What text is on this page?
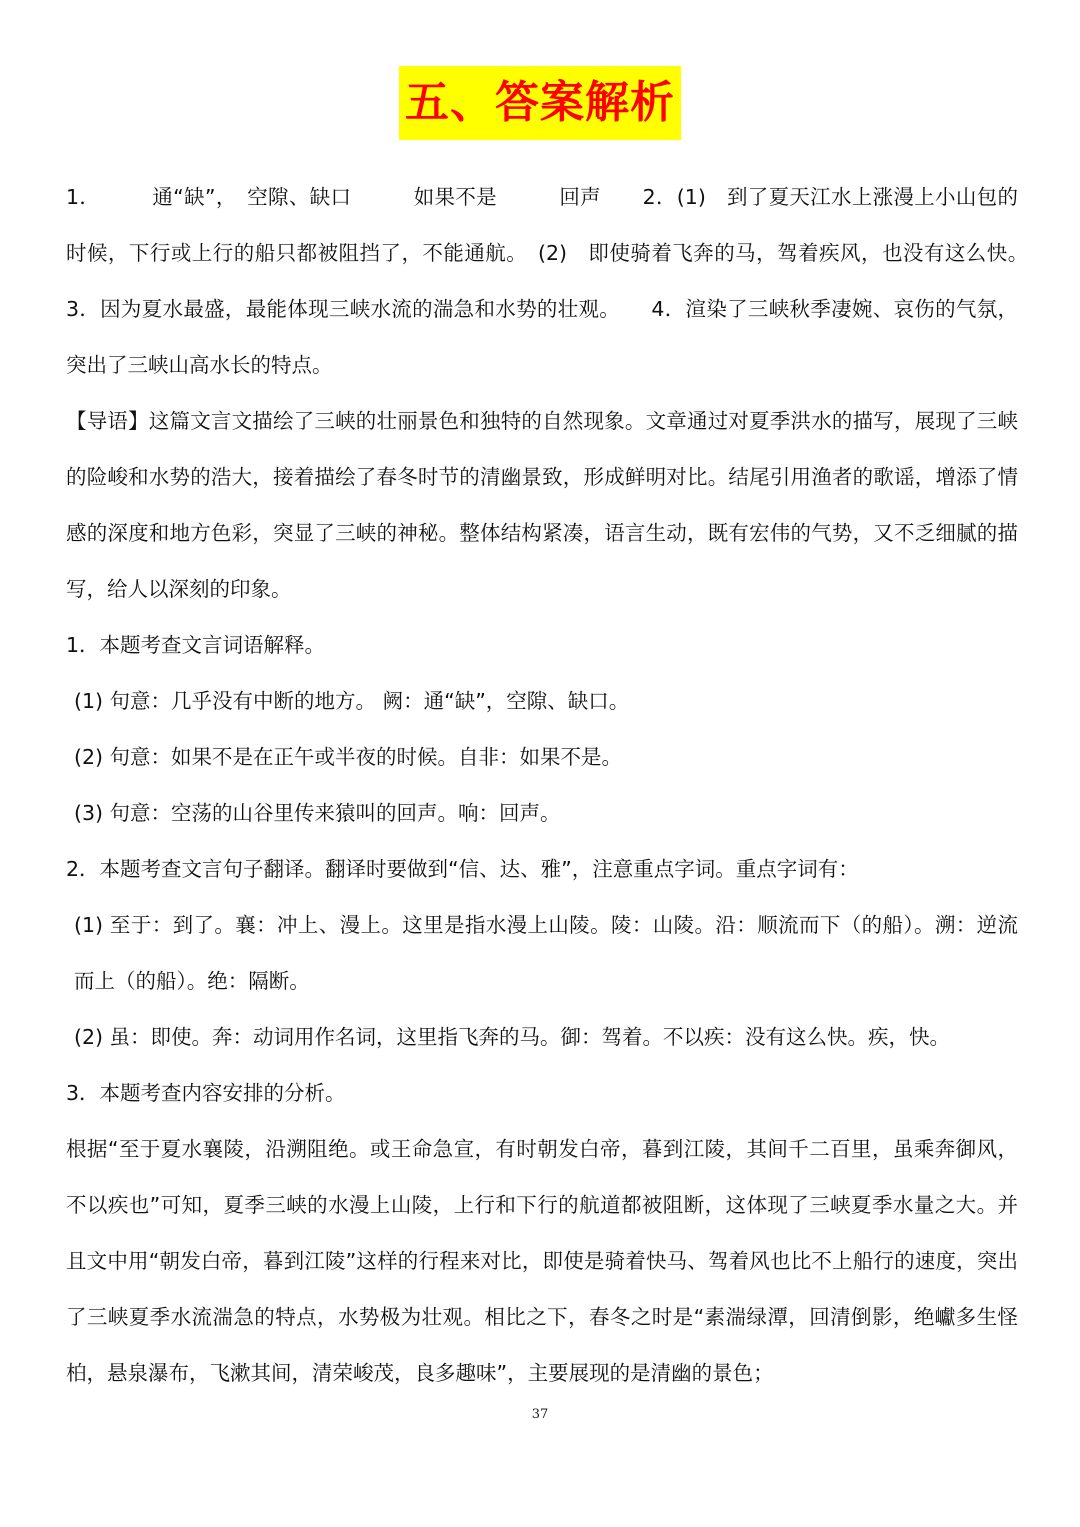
五、答案解析

1．　　　通“缺”，　空隙、缺口　　　如果不是　　　回声　　2．(1)　到了夏天江水上涨漫上小山包的时候，下行或上行的船只都被阻挡了，不能通航。　(2)　即使骑着飞奔的马，驾着疾风，也没有这么快。　　3．因为夏水最盛，最能体现三峡水流的湍急和水势的壮观。　　4．渲染了三峡秋季凄婉、哀伤的气氛，突出了三峡山高水长的特点。

【导语】这篇文言文描绘了三峡的壮丽景色和独特的自然现象。文章通过对夏季洪水的描写，展现了三峡的险峻和水势的浩大，接着描绘了春冬时节的清幽景致，形成鲜明对比。结尾引用渔者的歌谣，增添了情感的深度和地方色彩，突显了三峡的神秘。整体结构紧凑，语言生动，既有宏伟的气势，又不乏细腻的描写，给人以深刻的印象。

1．本题考查文言词语解释。

(1) 句意：几乎没有中断的地方。 阙：通“缺”，空隙、缺口。

(2) 句意：如果不是在正午或半夜的时候。自非：如果不是。

(3) 句意：空荡的山谷里传来猿叫的回声。响：回声。

2．本题考查文言句子翻译。翻译时要做到“信、达、雅”，注意重点字词。重点字词有：

(1) 至于：到了。襄：冲上、漫上。这里是指水漫上山陵。陵：山陵。沿：顺流而下（的船）。溯：逆流而上（的船）。绝：隔断。

(2) 虽：即使。奔：动词用作名词，这里指飞奔的马。御：驾着。不以疾：没有这么快。疾，快。

3．本题考查内容安排的分析。

根据“至于夏水襄陵，沿溯阻绝。或王命急宣，有时朝发白帝，暮到江陵，其间千二百里，虽乘奔御风，不以疾也”可知，夏季三峡的水漫上山陵，上行和下行的航道都被阻断，这体现了三峡夏季水量之大。并且文中用“朝发白帝，暮到江陵”这样的行程来对比，即使是骑着快马、驾着风也比不上船行的速度，突出了三峡夏季水流湍急的特点，水势极为壮观。相比之下，春冬之时是“素湍绿潭，回清倒影，绝巘多生怪柏，悬泉瀑布，飞漱其间，清荣峻茂，良多趣味”，主要展现的是清幽的景色；

37
